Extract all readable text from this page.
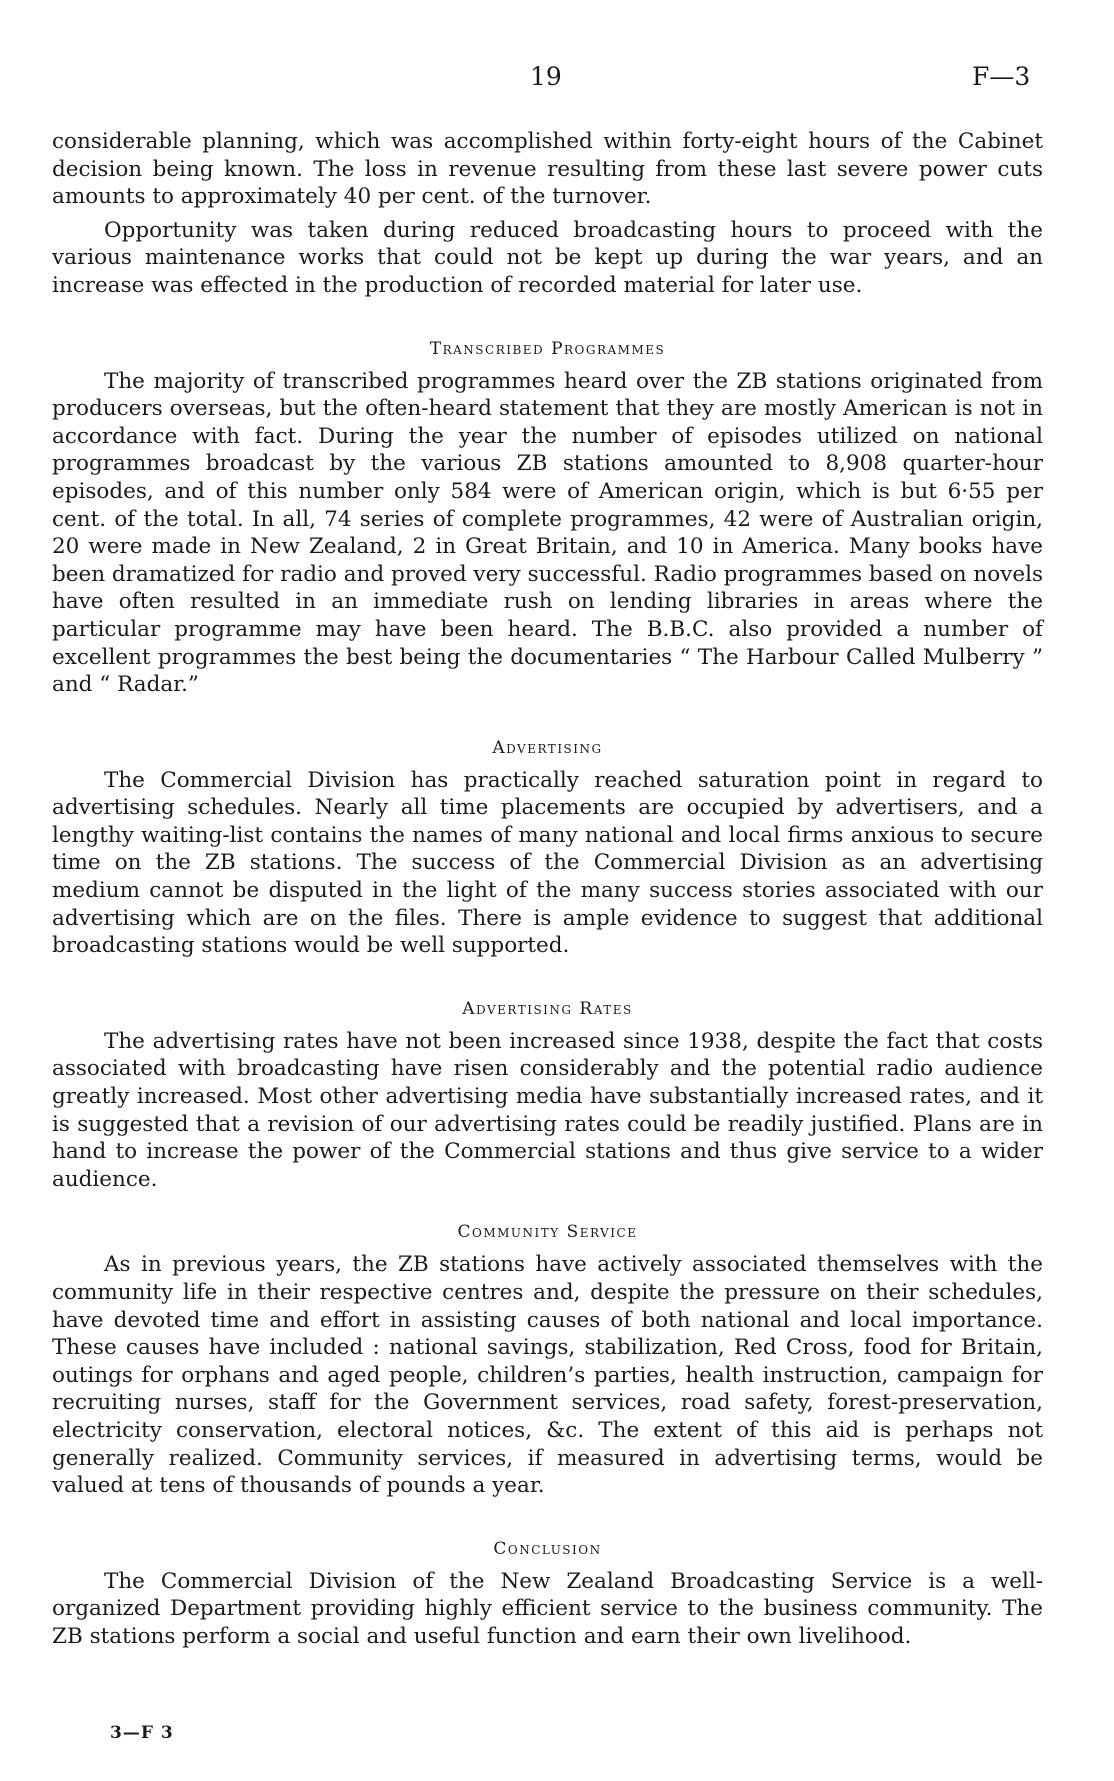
19	F—3

considerable planning, which was accomplished within forty-eight hours of the Cabinet decision being known. The loss in revenue resulting from these last severe power cuts amounts to approximately 40 per cent. of the turnover.

Opportunity was taken during reduced broadcasting hours to proceed with the various maintenance works that could not be kept up during the war years, and an increase was effected in the production of recorded material for later use.

Transcribed Programmes

The majority of transcribed programmes heard over the ZB stations originated from producers overseas, but the often-heard statement that they are mostly American is not in accordance with fact. During the year the number of episodes utilized on national programmes broadcast by the various ZB stations amounted to 8,908 quarter-hour episodes, and of this number only 584 were of American origin, which is but 6·55 per cent. of the total. In all, 74 series of complete programmes, 42 were of Australian origin, 20 were made in New Zealand, 2 in Great Britain, and 10 in America. Many books have been dramatized for radio and proved very successful. Radio programmes based on novels have often resulted in an immediate rush on lending libraries in areas where the particular programme may have been heard. The B.B.C. also provided a number of excellent programmes the best being the documentaries “ The Harbour Called Mulberry ” and “ Radar.”

Advertising

The Commercial Division has practically reached saturation point in regard to advertising schedules. Nearly all time placements are occupied by advertisers, and a lengthy waiting-list contains the names of many national and local firms anxious to secure time on the ZB stations. The success of the Commercial Division as an advertising medium cannot be disputed in the light of the many success stories associated with our advertising which are on the files. There is ample evidence to suggest that additional broadcasting stations would be well supported.

Advertising Rates

The advertising rates have not been increased since 1938, despite the fact that costs associated with broadcasting have risen considerably and the potential radio audience greatly increased. Most other advertising media have substantially increased rates, and it is suggested that a revision of our advertising rates could be readily justified. Plans are in hand to increase the power of the Commercial stations and thus give service to a wider audience.

Community Service

As in previous years, the ZB stations have actively associated themselves with the community life in their respective centres and, despite the pressure on their schedules, have devoted time and effort in assisting causes of both national and local importance. These causes have included : national savings, stabilization, Red Cross, food for Britain, outings for orphans and aged people, children’s parties, health instruction, campaign for recruiting nurses, staff for the Government services, road safety, forest-preservation, electricity conservation, electoral notices, &c. The extent of this aid is perhaps not generally realized. Community services, if measured in advertising terms, would be valued at tens of thousands of pounds a year.

Conclusion

The Commercial Division of the New Zealand Broadcasting Service is a well-organized Department providing highly efficient service to the business community. The ZB stations perform a social and useful function and earn their own livelihood.

3—F 3
